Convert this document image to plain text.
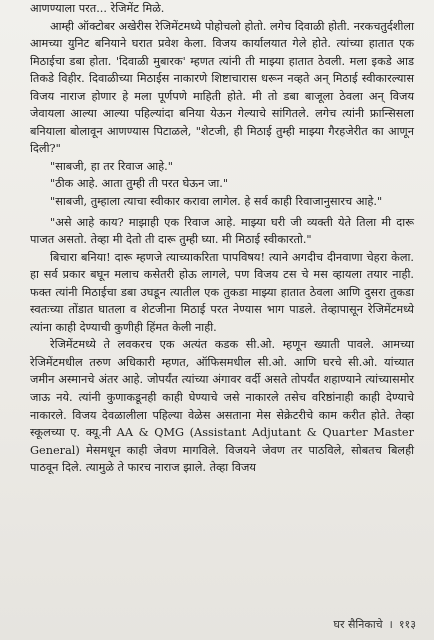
आणण्याला परत... रेजिमेंट मिळे.

आम्ही ऑक्टोबर अखेरीस रेजिमेंटमध्ये पोहोचलो होतो. लगेच दिवाळी होती. नरकचतुर्दशीला आमच्या युनिट बनियाने घरात प्रवेश केला. विजय कार्यालयात गेले होते. त्यांच्या हातात एक मिठाईचा डबा होता. 'दिवाळी मुबारक' म्हणत त्यांनी ती माझ्या हातात ठेवली. मला इकडे आड तिकडे विहीर. दिवाळीच्या मिठाईस नाकारणे शिष्टाचारास धरून नव्हते अन् मिठाई स्वीकारल्यास विजय नाराज होणार हे मला पूर्णपणे माहिती होते. मी तो डबा बाजूला ठेवला अन् विजय जेवायला आल्या आल्या पहिल्यांदा बनिया येऊन गेल्याचे सांगितले. लगेच त्यांनी फ्रान्सिसला बनियाला बोलावून आणण्यास पिटाळले, "शेटजी, ही मिठाई तुम्ही माझ्या गैरहजेरीत का आणून दिली?"

"साबजी, हा तर रिवाज आहे."

"ठीक आहे. आता तुम्ही ती परत घेऊन जा."

"साबजी, तुम्हाला त्याचा स्वीकार करावा लागेल. हे सर्व काही रिवाजानुसारच आहे."

"असे आहे काय? माझाही एक रिवाज आहे. माझ्या घरी जी व्यक्ती येते तिला मी दारू पाजत असतो. तेव्हा मी देतो ती दारू तुम्ही घ्या. मी मिठाई स्वीकारतो."

बिचारा बनिया! दारू म्हणजे त्याच्याकरिता पापविषय! त्याने अगदीच दीनवाणा चेहरा केला. हा सर्व प्रकार बघून मलाच कसेतरी होऊ लागले, पण विजय टस चे मस व्हायला तयार नाही. फक्त त्यांनी मिठाईचा डबा उघडून त्यातील एक तुकडा माझ्या हातात ठेवला आणि दुसरा तुकडा स्वतःच्या तोंडात घातला व शेटजीना मिठाई परत नेण्यास भाग पाडले. तेव्हापासून रेजिमेंटमध्ये त्यांना काही देण्याची कुणीही हिंमत केली नाही.

रेजिमेंटमध्ये ते लवकरच एक अत्यंत कडक सी.ओ. म्हणून ख्याती पावले. आमच्या रेजिमेंटमधील तरुण अधिकारी म्हणत, ऑफिसमधील सी.ओ. आणि घरचे सी.ओ. यांच्यात जमीन अस्मानचे अंतर आहे. जोपर्यंत त्यांच्या अंगावर वर्दी असते तोपर्यंत शहाण्याने त्यांच्यासमोर जाऊ नये. त्यांनी कुणाकडूनही काही घेण्याचे जसे नाकारले तसेच वरिष्ठांनाही काही देण्याचे नाकारले. विजय देवळालीला पहिल्या वेळेस असताना मेस सेक्रेटरीचे काम करीत होते. तेव्हा स्कूलच्या ए. क्यू.नी AA & QMG (Assistant Adjutant & Quarter Master General) मेसमधून काही जेवण मागविले. विजयने जेवण तर पाठविले, सोबतच बिलही पाठवून दिले. त्यामुळे ते फारच नाराज झाले. तेव्हा विजय

घर सैनिकाचे । ११३
